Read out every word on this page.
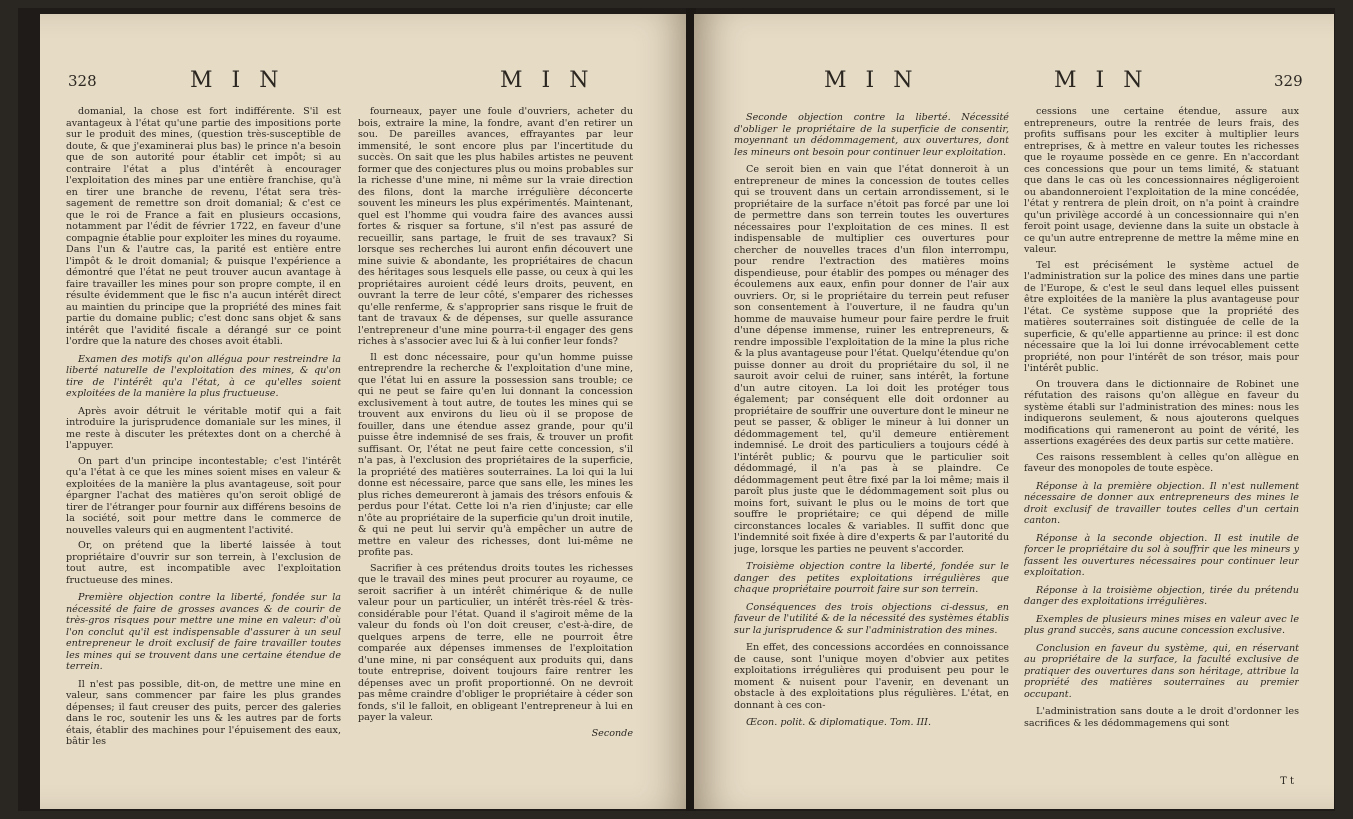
328	M I N	M I N

domanial, la chose est fort indifférente. S'il est avantageux à l'état qu'une partie des impositions porte sur le produit des mines, (question très-susceptible de doute, & que j'examinerai plus bas) le prince n'a besoin que de son autorité pour établir cet impôt; si au contraire l'état a plus d'intérêt à encourager l'exploitation des mines par une entière franchise, qu'à en tirer une branche de revenu, l'état sera très-sagement de remettre son droit domanial; & c'est ce que le roi de France a fait en plusieurs occasions, notamment par l'édit de février 1722, en faveur d'une compagnie établie pour exploiter les mines du royaume. Dans l'un & l'autre cas, la parité est entière entre l'impôt & le droit domanial; & puisque l'expérience a démontré que l'état ne peut trouver aucun avantage à faire travailler les mines pour son propre compte, il en résulte évidemment que le fisc n'a aucun intérêt direct au maintien du principe que la propriété des mines fait partie du domaine public; c'est donc sans objet & sans intérêt que l'avidité fiscale a dérangé sur ce point l'ordre que la nature des choses avoit établi.

Examen des motifs qu'on allégua pour restreindre la liberté naturelle de l'exploitation des mines, & qu'on tire de l'intérêt qu'a l'état, à ce qu'elles soient exploitées de la manière la plus fructueuse.

Après avoir détruit le véritable motif qui a fait introduire la jurisprudence domaniale sur les mines, il me reste à discuter les prétextes dont on a cherché à l'appuyer.

On part d'un principe incontestable; c'est l'intérêt qu'a l'état à ce que les mines soient mises en valeur & exploitées de la manière la plus avantageuse, soit pour épargner l'achat des matières qu'on seroit obligé de tirer de l'étranger pour fournir aux différens besoins de la société, soit pour mettre dans le commerce de nouvelles valeurs qui en augmentent l'activité.

Or, on prétend que la liberté laissée à tout propriétaire d'ouvrir sur son terrein, à l'exclusion de tout autre, est incompatible avec l'exploitation fructueuse des mines.

Première objection contre la liberté, fondée sur la nécessité de faire de grosses avances & de courir de très-gros risques pour mettre une mine en valeur: d'où l'on conclut qu'il est indispensable d'assurer à un seul entrepreneur le droit exclusif de faire travailler toutes les mines qui se trouvent dans une certaine étendue de terrein.

Il n'est pas possible, dit-on, de mettre une mine en valeur, sans commencer par faire les plus grandes dépenses; il faut creuser des puits, percer des galeries dans le roc, soutenir les uns & les autres par de forts étais, établir des machines pour l'épuisement des eaux, bâtir les

fourneaux, payer une foule d'ouvriers, acheter du bois, extraire la mine, la fondre, avant d'en retirer un sou. De pareilles avances, effrayantes par leur immensité, le sont encore plus par l'incertitude du succès. On sait que les plus habiles artistes ne peuvent former que des conjectures plus ou moins probables sur la richesse d'une mine, ni même sur la vraie direction des filons, dont la marche irrégulière déconcerte souvent les mineurs les plus expérimentés. Maintenant, quel est l'homme qui voudra faire des avances aussi fortes & risquer sa fortune, s'il n'est pas assuré de recueillir, sans partage, le fruit de ses travaux? Si lorsque ses recherches lui auront enfin découvert une mine suivie & abondante, les propriétaires de chacun des héritages sous lesquels elle passe, ou ceux à qui les propriétaires auroient cédé leurs droits, peuvent, en ouvrant la terre de leur côté, s'emparer des richesses qu'elle renferme, & s'approprier sans risque le fruit de tant de travaux & de dépenses, sur quelle assurance l'entrepreneur d'une mine pourra-t-il engager des gens riches à s'associer avec lui & à lui confier leur fonds?

Il est donc nécessaire, pour qu'un homme puisse entreprendre la recherche & l'exploitation d'une mine, que l'état lui en assure la possession sans trouble; ce qui ne peut se faire qu'en lui donnant la concession exclusivement à tout autre, de toutes les mines qui se trouvent aux environs du lieu où il se propose de fouiller, dans une étendue assez grande, pour qu'il puisse être indemnisé de ses frais, & trouver un profit suffisant. Or, l'état ne peut faire cette concession, s'il n'a pas, à l'exclusion des propriétaires de la superficie, la propriété des matières souterraines. La loi qui la lui donne est nécessaire, parce que sans elle, les mines les plus riches demeureront à jamais des trésors enfouis & perdus pour l'état. Cette loi n'a rien d'injuste; car elle n'ôte au propriétaire de la superficie qu'un droit inutile, & qui ne peut lui servir qu'à empêcher un autre de mettre en valeur des richesses, dont lui-même ne profite pas.

Sacrifier à ces prétendus droits toutes les richesses que le travail des mines peut procurer au royaume, ce seroit sacrifier à un intérêt chimérique & de nulle valeur pour un particulier, un intérêt très-réel & très-considérable pour l'état. Quand il s'agiroit même de la valeur du fonds où l'on doit creuser, c'est-à-dire, de quelques arpens de terre, elle ne pourroit être comparée aux dépenses immenses de l'exploitation d'une mine, ni par conséquent aux produits qui, dans toute entreprise, doivent toujours faire rentrer les dépenses avec un profit proportionné. On ne devroit pas même craindre d'obliger le propriétaire à céder son fonds, s'il le falloit, en obligeant l'entrepreneur à lui en payer la valeur.

Seconde
M I N	M I N	329

Seconde objection contre la liberté. Nécessité d'obliger le propriétaire de la superficie de consentir, moyennant un dédommagement, aux ouvertures, dont les mineurs ont besoin pour continuer leur exploitation.

Ce seroit bien en vain que l'état donneroit à un entrepreneur de mines la concession de toutes celles qui se trouvent dans un certain arrondissement, si le propriétaire de la surface n'étoit pas forcé par une loi de permettre dans son terrein toutes les ouvertures nécessaires pour l'exploitation de ces mines. Il est indispensable de multiplier ces ouvertures pour chercher de nouvelles traces d'un filon interrompu, pour rendre l'extraction des matières moins dispendieuse, pour établir des pompes ou ménager des écoulemens aux eaux, enfin pour donner de l'air aux ouvriers. Or, si le propriétaire du terrein peut refuser son consentement à l'ouverture, il ne faudra qu'un homme de mauvaise humeur pour faire perdre le fruit d'une dépense immense, ruiner les entrepreneurs, & rendre impossible l'exploitation de la mine la plus riche & la plus avantageuse pour l'état. Quelqu'étendue qu'on puisse donner au droit du propriétaire du sol, il ne sauroit avoir celui de ruiner, sans intérêt, la fortune d'un autre citoyen. La loi doit les protéger tous également; par conséquent elle doit ordonner au propriétaire de souffrir une ouverture dont le mineur ne peut se passer, & obliger le mineur à lui donner un dédommagement tel, qu'il demeure entièrement indemnisé. Le droit des particuliers a toujours cédé à l'intérêt public; & pourvu que le particulier soit dédommagé, il n'a pas à se plaindre. Ce dédommagement peut être fixé par la loi même; mais il paroît plus juste que le dédommagement soit plus ou moins fort, suivant le plus ou le moins de tort que souffre le propriétaire; ce qui dépend de mille circonstances locales & variables. Il suffit donc que l'indemnité soit fixée à dire d'experts & par l'autorité du juge, lorsque les parties ne peuvent s'accorder.

Troisième objection contre la liberté, fondée sur le danger des petites exploitations irrégulières que chaque propriétaire pourroit faire sur son terrein.

Conséquences des trois objections ci-dessus, en faveur de l'utilité & de la nécessité des systèmes établis sur la jurisprudence & sur l'administration des mines.

En effet, des concessions accordées en connoissance de cause, sont l'unique moyen d'obvier aux petites exploitations irrégulières qui produisent peu pour le moment & nuisent pour l'avenir, en devenant un obstacle à des exploitations plus régulières. L'état, en donnant à ces con-

Œcon. polit. & diplomatique. Tom. III.

cessions une certaine étendue, assure aux entrepreneurs, outre la rentrée de leurs frais, des profits suffisans pour les exciter à multiplier leurs entreprises, & à mettre en valeur toutes les richesses que le royaume possède en ce genre. En n'accordant ces concessions que pour un tems limité, & statuant que dans le cas où les concessionnaires négligeroient ou abandonneroient l'exploitation de la mine concédée, l'état y rentrera de plein droit, on n'a point à craindre qu'un privilège accordé à un concessionnaire qui n'en feroit point usage, devienne dans la suite un obstacle à ce qu'un autre entreprenne de mettre la même mine en valeur.

Tel est précisément le système actuel de l'administration sur la police des mines dans une partie de l'Europe, & c'est le seul dans lequel elles puissent être exploitées de la manière la plus avantageuse pour l'état. Ce système suppose que la propriété des matières souterraines soit distinguée de celle de la superficie, & qu'elle appartienne au prince: il est donc nécessaire que la loi lui donne irrévocablement cette propriété, non pour l'intérêt de son trésor, mais pour l'intérêt public.

On trouvera dans le dictionnaire de Robinet une réfutation des raisons qu'on allègue en faveur du système établi sur l'administration des mines: nous les indiquerons seulement, & nous ajouterons quelques modifications qui rameneront au point de vérité, les assertions exagérées des deux partis sur cette matière.

Ces raisons ressemblent à celles qu'on allègue en faveur des monopoles de toute espèce.

Réponse à la première objection. Il n'est nullement nécessaire de donner aux entrepreneurs des mines le droit exclusif de travailler toutes celles d'un certain canton.

Réponse à la seconde objection. Il est inutile de forcer le propriétaire du sol à souffrir que les mineurs y fassent les ouvertures nécessaires pour continuer leur exploitation.

Réponse à la troisième objection, tirée du prétendu danger des exploitations irrégulières.

Exemples de plusieurs mines mises en valeur avec le plus grand succès, sans aucune concession exclusive.

Conclusion en faveur du système, qui, en réservant au propriétaire de la surface, la faculté exclusive de pratiquer des ouvertures dans son héritage, attribue la propriété des matières souterraines au premier occupant.

L'administration sans doute a le droit d'ordonner les sacrifices & les dédommagemens qui sont

T t
